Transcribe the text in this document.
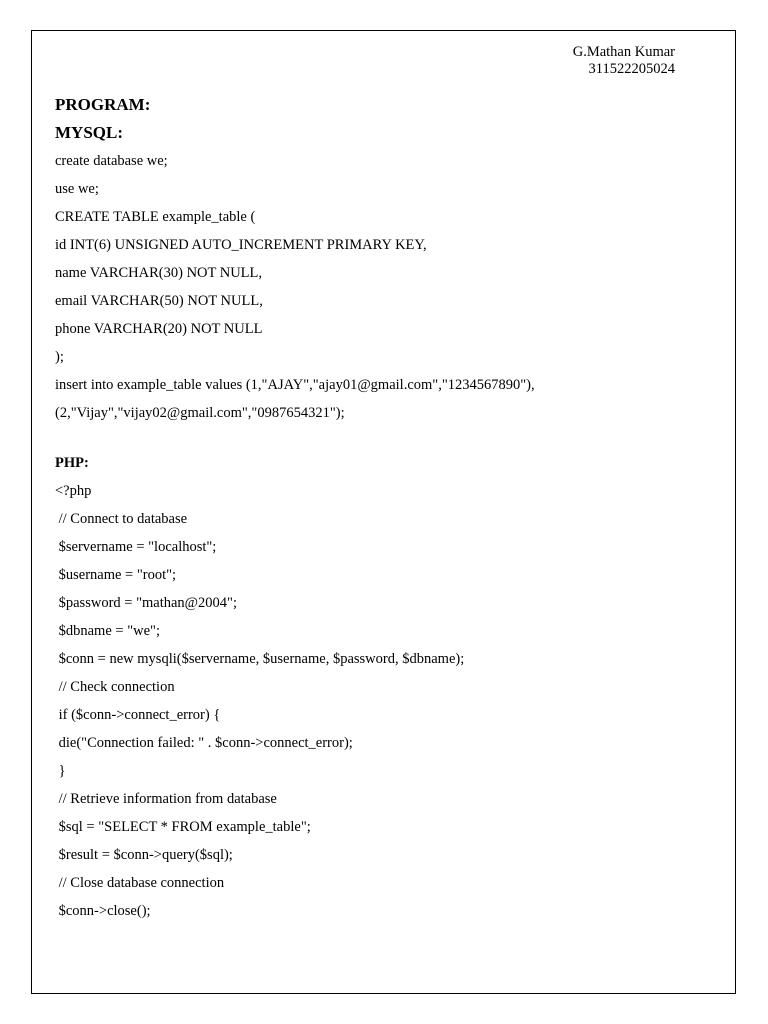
G.Mathan Kumar
311522205024
PROGRAM:
MYSQL:
create database we;
use we;
CREATE TABLE example_table (
id INT(6) UNSIGNED AUTO_INCREMENT PRIMARY KEY,
name VARCHAR(30) NOT NULL,
email VARCHAR(50) NOT NULL,
phone VARCHAR(20) NOT NULL
);
insert into example_table values (1,"AJAY","ajay01@gmail.com","1234567890"),
(2,"Vijay","vijay02@gmail.com","0987654321");
PHP:
<?php
// Connect to database
$servername = "localhost";
$username = "root";
$password = "mathan@2004";
$dbname = "we";
$conn = new mysqli($servername, $username, $password, $dbname);
// Check connection
if ($conn->connect_error) {
die("Connection failed: " . $conn->connect_error);
}
// Retrieve information from database
$sql = "SELECT * FROM example_table";
$result = $conn->query($sql);
// Close database connection
$conn->close();
